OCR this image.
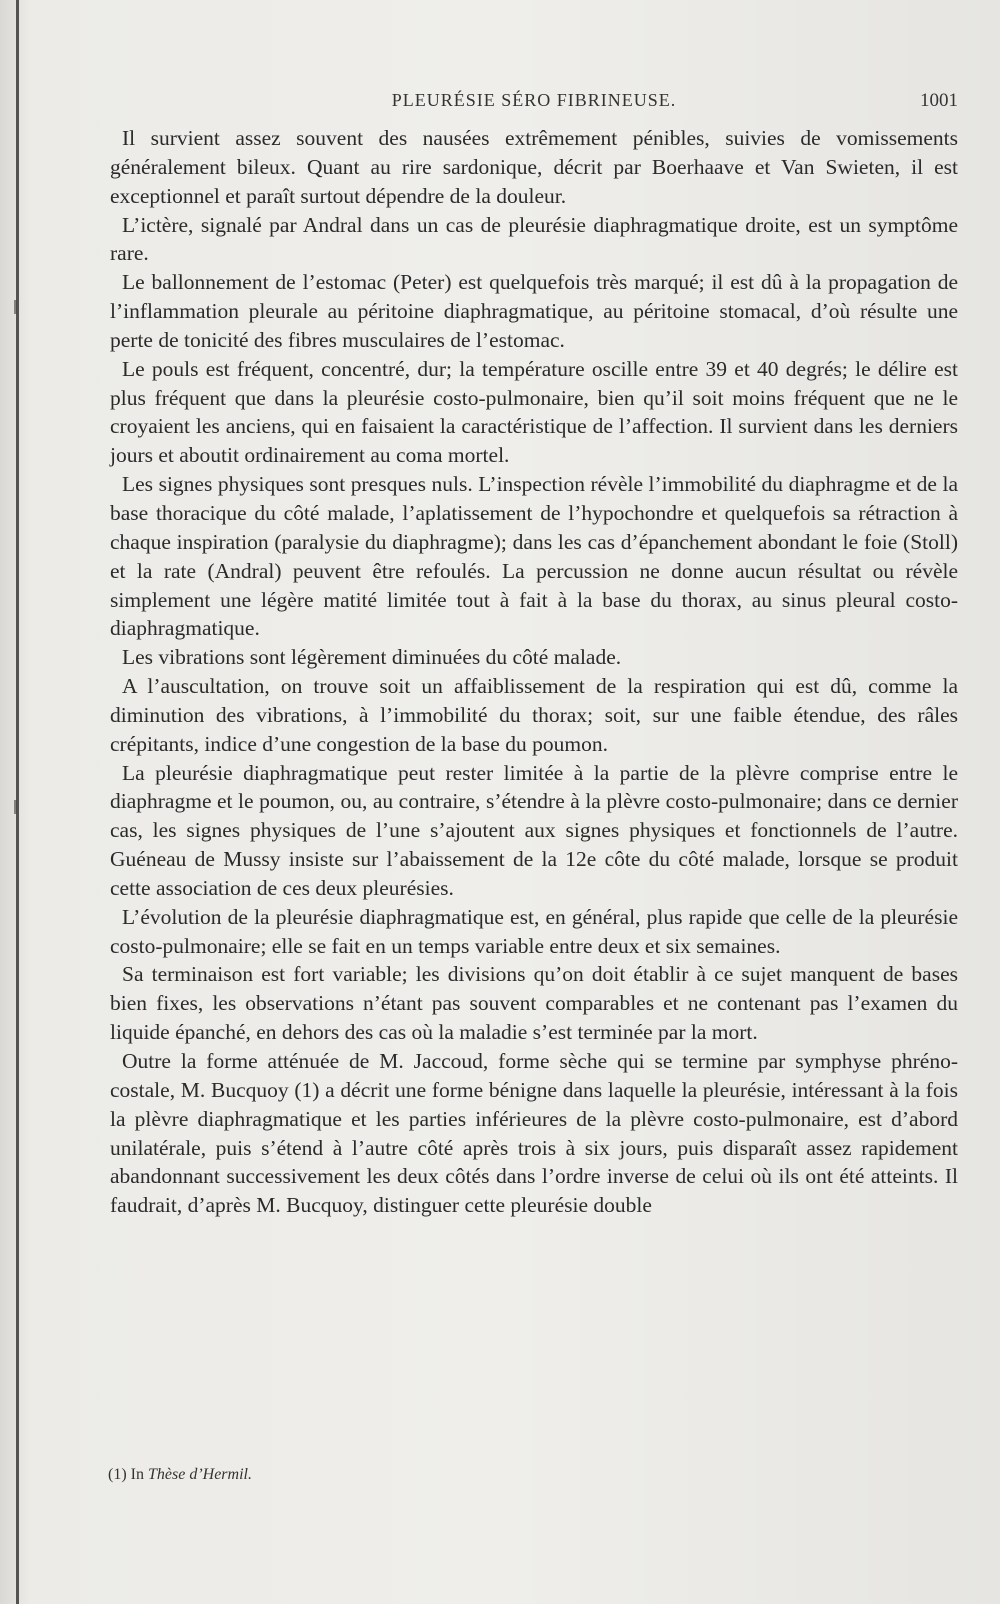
PLEURÉSIE SÉRO FIBRINEUSE.	1001

Il survient assez souvent des nausées extrêmement pénibles, suivies de vomissements généralement bileux. Quant au rire sardonique, décrit par Boerhaave et Van Swieten, il est exceptionnel et paraît surtout dépendre de la douleur.

L’ictère, signalé par Andral dans un cas de pleurésie diaphragmatique droite, est un symptôme rare.

Le ballonnement de l’estomac (Peter) est quelquefois très marqué; il est dû à la propagation de l’inflammation pleurale au péritoine diaphragmatique, au péritoine stomacal, d’où résulte une perte de tonicité des fibres musculaires de l’estomac.

Le pouls est fréquent, concentré, dur; la température oscille entre 39 et 40 degrés; le délire est plus fréquent que dans la pleurésie costo-pulmonaire, bien qu’il soit moins fréquent que ne le croyaient les anciens, qui en faisaient la caractéristique de l’affection. Il survient dans les derniers jours et aboutit ordinairement au coma mortel.

Les signes physiques sont presques nuls. L’inspection révèle l’immobilité du diaphragme et de la base thoracique du côté malade, l’aplatissement de l’hypochondre et quelquefois sa rétraction à chaque inspiration (paralysie du diaphragme); dans les cas d’épanchement abondant le foie (Stoll) et la rate (Andral) peuvent être refoulés. La percussion ne donne aucun résultat ou révèle simplement une légère matité limitée tout à fait à la base du thorax, au sinus pleural costo-diaphragmatique.

Les vibrations sont légèrement diminuées du côté malade.

A l’auscultation, on trouve soit un affaiblissement de la respiration qui est dû, comme la diminution des vibrations, à l’immobilité du thorax; soit, sur une faible étendue, des râles crépitants, indice d’une congestion de la base du poumon.

La pleurésie diaphragmatique peut rester limitée à la partie de la plèvre comprise entre le diaphragme et le poumon, ou, au contraire, s’étendre à la plèvre costo-pulmonaire; dans ce dernier cas, les signes physiques de l’une s’ajoutent aux signes physiques et fonctionnels de l’autre. Guéneau de Mussy insiste sur l’abaissement de la 12e côte du côté malade, lorsque se produit cette association de ces deux pleurésies.

L’évolution de la pleurésie diaphragmatique est, en général, plus rapide que celle de la pleurésie costo-pulmonaire; elle se fait en un temps variable entre deux et six semaines.

Sa terminaison est fort variable; les divisions qu’on doit établir à ce sujet manquent de bases bien fixes, les observations n’étant pas souvent comparables et ne contenant pas l’examen du liquide épanché, en dehors des cas où la maladie s’est terminée par la mort.

Outre la forme atténuée de M. Jaccoud, forme sèche qui se termine par symphyse phréno-costale, M. Bucquoy (1) a décrit une forme bénigne dans laquelle la pleurésie, intéressant à la fois la plèvre diaphragmatique et les parties inférieures de la plèvre costo-pulmonaire, est d’abord unilatérale, puis s’étend à l’autre côté après trois à six jours, puis disparaît assez rapidement abandonnant successivement les deux côtés dans l’ordre inverse de celui où ils ont été atteints. Il faudrait, d’après M. Bucquoy, distinguer cette pleurésie double

(1) In Thèse d’Hermil.
